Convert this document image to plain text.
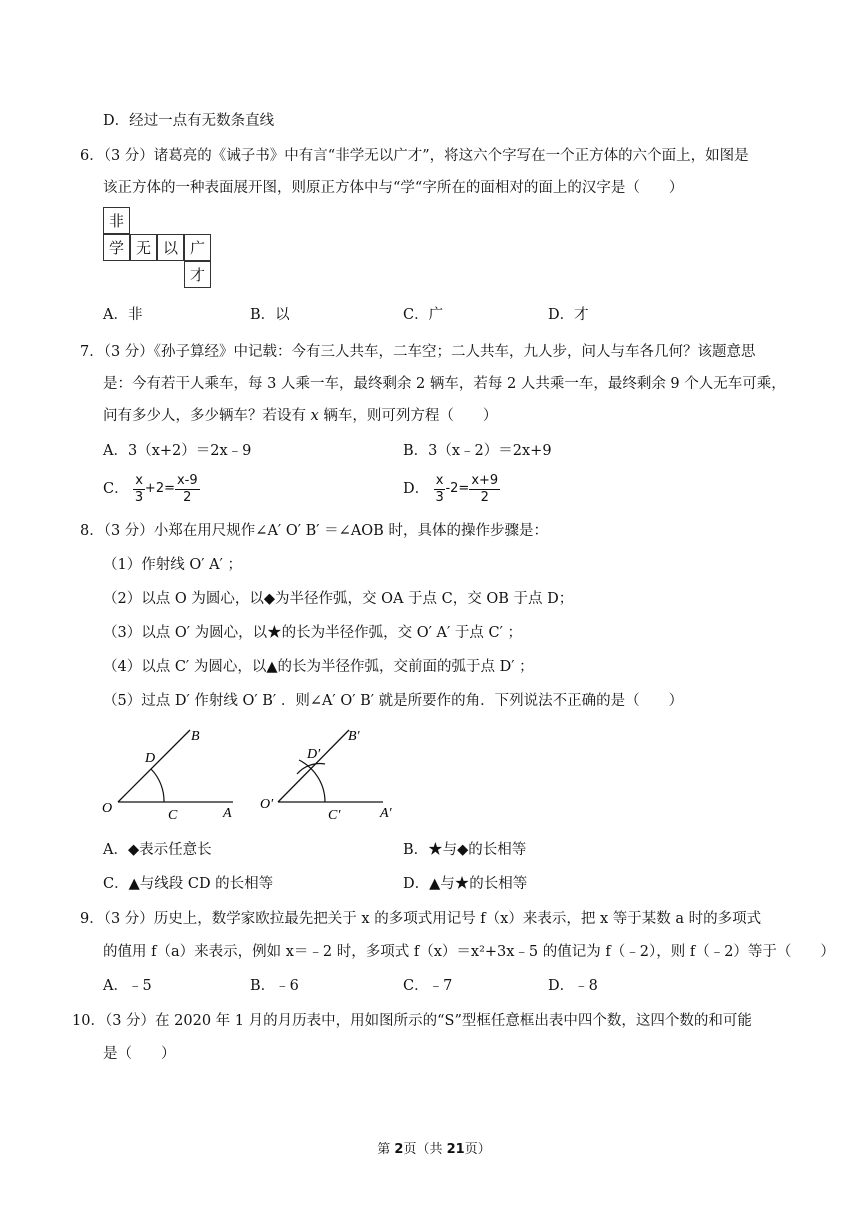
D．经过一点有无数条直线
6．（3 分）诸葛亮的《诫子书》中有言“非学无以广才”，将这六个字写在一个正方体的六个面上，如图是
该正方体的一种表面展开图，则原正方体中与“学“字所在的面相对的面上的汉字是（　　）
非
学 无 以 广
才
A．非	B．以	C．广	D．才
7．（3 分）《孙子算经》中记载：今有三人共车，二车空；二人共车，九人步，问人与车各几何？该题意思
是：今有若干人乘车，每 3 人乘一车，最终剩余 2 辆车，若每 2 人共乘一车，最终剩余 9 个人无车可乘，
问有多少人，多少辆车？若设有 x 辆车，则可列方程（　　）
A．3（x+2）＝2x﹣9	B．3（x﹣2）＝2x+9
C． $\frac{x}{3} +2= \frac{x-9}{2}$	D． $\frac{x}{3} -2= \frac{x+9}{2}$
8．（3 分）小郑在用尺规作∠A′ O′ B′ ＝∠AOB 时，具体的操作步骤是：
（1）作射线 O′ A′ ；
（2）以点 O 为圆心，以◆为半径作弧，交 OA 于点 C，交 OB 于点 D；
（3）以点 O′ 为圆心，以★的长为半径作弧，交 O′ A′ 于点 C′ ；
（4）以点 C′ 为圆心，以▲的长为半径作弧，交前面的弧于点 D′ ；
（5）过点 D′ 作射线 O′ B′ ．则∠A′ O′ B′ 就是所要作的角．下列说法不正确的是（　　）
O	A
B
C
D
O′
A′
B′
C′
D′
A．◆表示任意长	B．★与◆的长相等
C．▲与线段 CD 的长相等	D．▲与★的长相等
9．（3 分）历史上，数学家欧拉最先把关于 x 的多项式用记号 f（x）来表示，把 x 等于某数 a 时的多项式
的值用 f（a）来表示，例如 x＝﹣2 时，多项式 f（x）＝x²+3x﹣5 的值记为 f（﹣2），则 f（﹣2）等于（　　）
A．﹣5	B．﹣6	C．﹣7	D．﹣8
10．（3 分）在 2020 年 1 月的月历表中，用如图所示的“S”型框任意框出表中四个数，这四个数的和可能
是（　　）
第 2页（共 21页）
